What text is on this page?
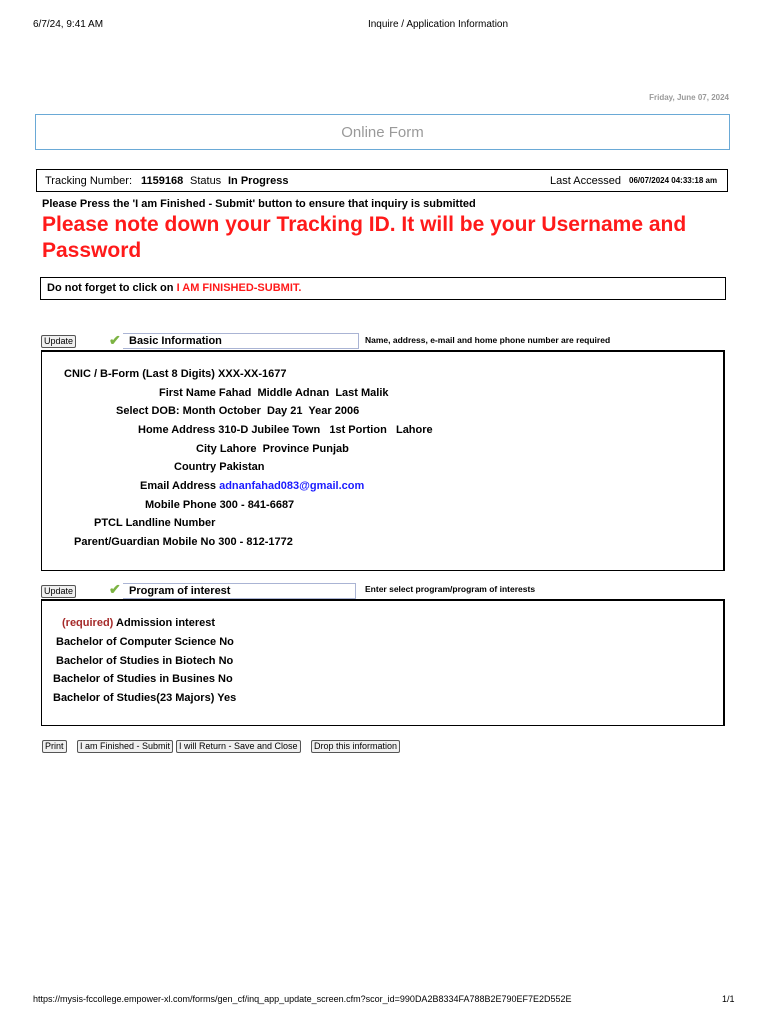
6/7/24, 9:41 AM	Inquire / Application Information
Friday, June 07, 2024
Online Form
Tracking Number: 1159168 Status In Progress	Last Accessed 06/07/2024 04:33:18 am
Please Press the 'I am Finished - Submit' button to ensure that inquiry is submitted
Please note down your Tracking ID. It will be your Username and Password
Do not forget to click on I AM FINISHED-SUBMIT.
Update	✔ Basic Information	Name, address, e-mail and home phone number are required
CNIC / B-Form (Last 8 Digits) XXX-XX-1677
First Name Fahad Middle Adnan Last Malik
Select DOB: Month October Day 21 Year 2006
Home Address 310-D Jubilee Town 1st Portion Lahore
City Lahore Province Punjab
Country Pakistan
Email Address adnanfahad083@gmail.com
Mobile Phone 300 - 841-6687
PTCL Landline Number
Parent/Guardian Mobile No 300 - 812-1772
Update	✔ Program of interest	Enter select program/program of interests
(required) Admission interest
Bachelor of Computer Science No
Bachelor of Studies in Biotech No
Bachelor of Studies in Busines No
Bachelor of Studies(23 Majors) Yes
Print	I am Finished - Submit I will Return - Save and Close	Drop this information
https://mysis-fccollege.empower-xl.com/forms/gen_cf/inq_app_update_screen.cfm?scor_id=990DA2B8334FA788B2E790EF7E2D552E	1/1
